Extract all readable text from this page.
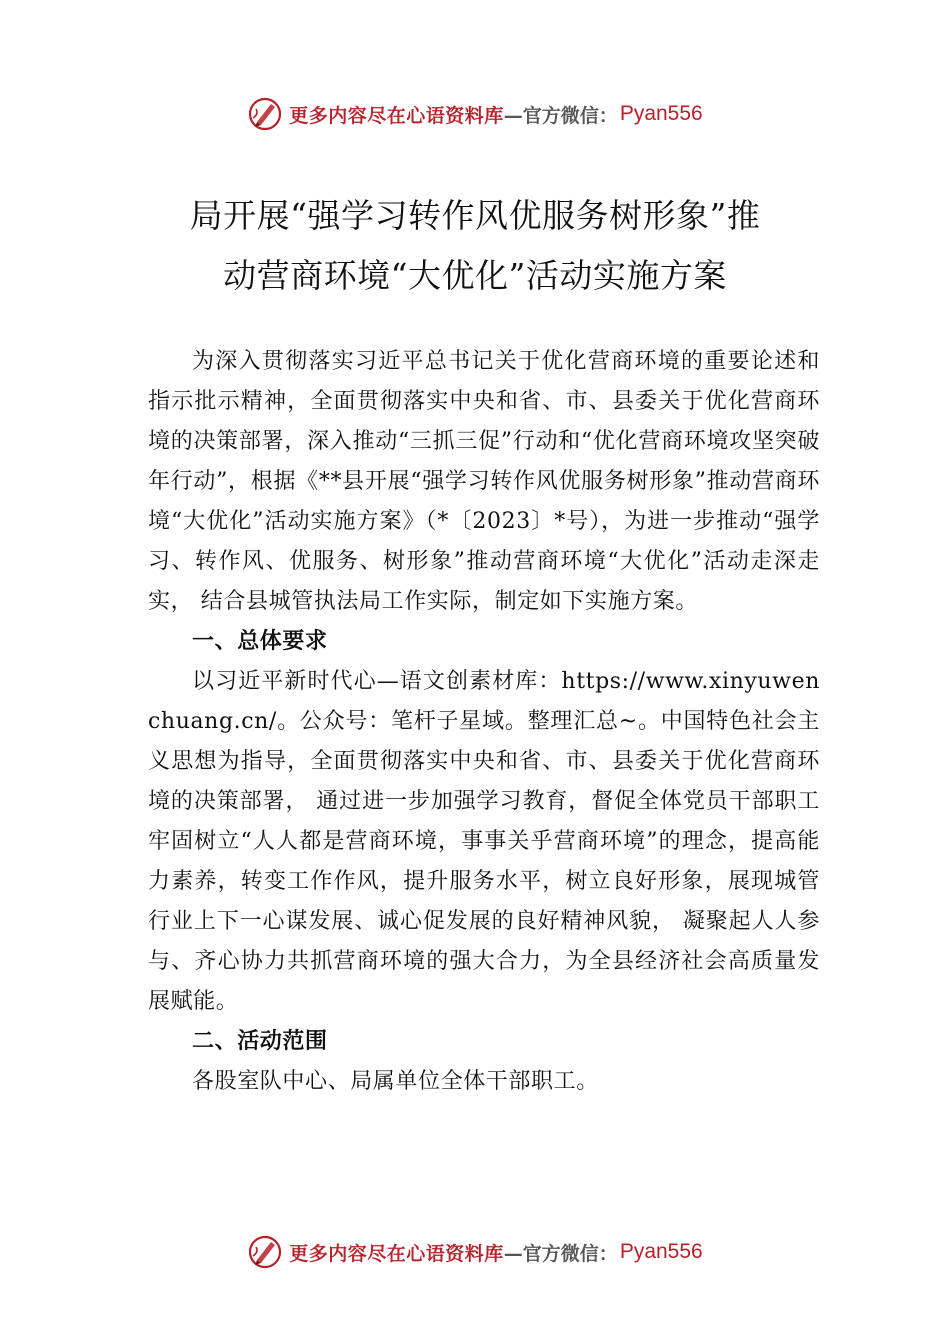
更多内容尽在心语资料库 —官方微信： Pyan556
局开展“强学习转作风优服务树形象”推
动营商环境“大优化”活动实施方案

为深入贯彻落实习近平总书记关于优化营商环境的重要论述和指示批示精神，全面贯彻落实中央和省、市、县委关于优化营商环境的决策部署，深入推动“三抓三促”行动和“优化营商环境攻坚突破年行动”，根据《**县开展“强学习转作风优服务树形象”推动营商环境“大优化”活动实施方案》（*〔2023〕*号），为进一步推动“强学习、转作风、优服务、树形象”推动营商环境“大优化”活动走深走实， 结合县城管执法局工作实际，制定如下实施方案。

一、总体要求

以习近平新时代心—语文创素材库：https://www.xinyuwenchuang.cn/。公众号：笔杆子星域。整理汇总~。中国特色社会主义思想为指导，全面贯彻落实中央和省、市、县委关于优化营商环境的决策部署， 通过进一步加强学习教育，督促全体党员干部职工牢固树立“人人都是营商环境，事事关乎营商环境”的理念，提高能力素养，转变工作作风，提升服务水平，树立良好形象，展现城管行业上下一心谋发展、诚心促发展的良好精神风貌， 凝聚起人人参与、齐心协力共抓营商环境的强大合力，为全县经济社会高质量发展赋能。

二、活动范围

各股室队中心、局属单位全体干部职工。

更多内容尽在心语资料库 —官方微信： Pyan556
